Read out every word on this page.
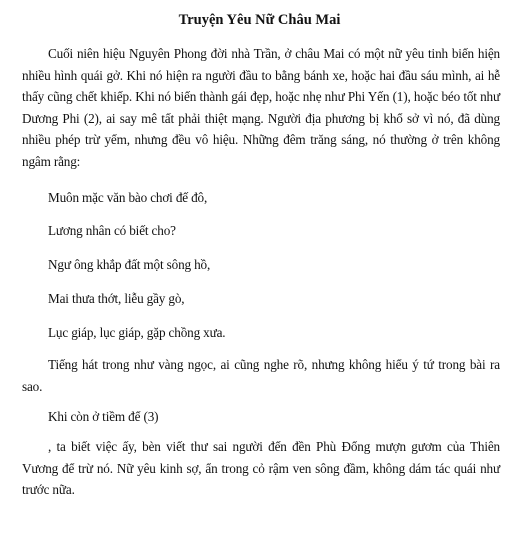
Truyện Yêu Nữ Châu Mai

Cuối niên hiệu Nguyên Phong đời nhà Trần, ở châu Mai có một nữ yêu tinh biến hiện nhiều hình quái gở. Khi nó hiện ra người đầu to bằng bánh xe, hoặc hai đầu sáu mình, ai hễ thấy cũng chết khiếp. Khi nó biến thành gái đẹp, hoặc nhẹ như Phi Yến (1), hoặc béo tốt như Dương Phi (2), ai say mê tất phải thiệt mạng. Người địa phương bị khổ sở vì nó, đã dùng nhiều phép trừ yểm, nhưng đều vô hiệu. Những đêm trăng sáng, nó thường ở trên không ngâm rằng:

Muôn mặc văn bào chơi đế đô,

Lương nhân có biết cho?

Ngư ông khắp đất một sông hồ,

Mai thưa thớt, liễu gầy gò,

Lục giáp, lục giáp, gặp chồng xưa.

Tiếng hát trong như vàng ngọc, ai cũng nghe rõ, nhưng không hiểu ý tứ trong bài ra sao.

Khi còn ở tiềm để (3)

, ta biết việc ấy, bèn viết thư sai người đến đền Phù Đổng mượn gươm của Thiên Vương để trừ nó. Nữ yêu kinh sợ, ẩn trong cỏ rậm ven sông đầm, không dám tác quái như trước nữa.
